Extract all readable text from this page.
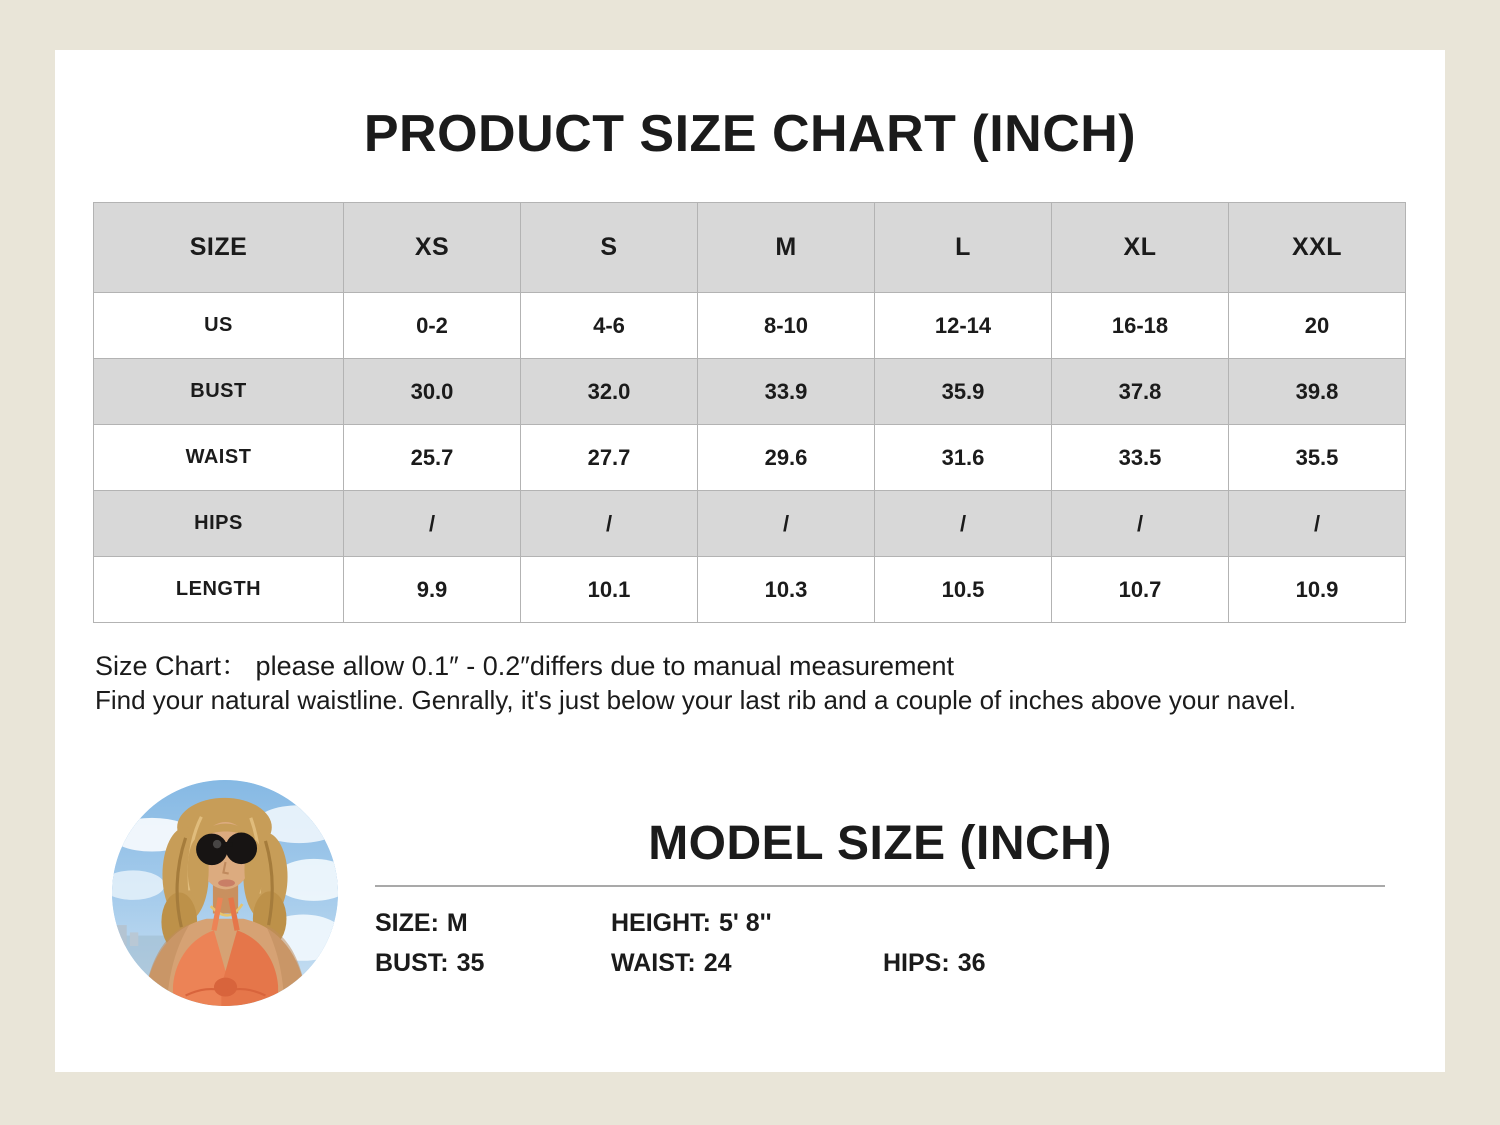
PRODUCT SIZE CHART (INCH)
SIZE	XS	S	M	L	XL	XXL
US	0-2	4-6	8-10	12-14	16-18	20
BUST	30.0	32.0	33.9	35.9	37.8	39.8
WAIST	25.7	27.7	29.6	31.6	33.5	35.5
HIPS	/	/	/	/	/	/
LENGTH	9.9	10.1	10.3	10.5	10.7	10.9

Size Chart： please allow 0.1″ - 0.2″differs due to manual measurement

Find your natural waistline. Genrally, it's just below your last rib and a couple of inches above your navel.

MODEL SIZE (INCH)
SIZE: M	HEIGHT: 5' 8''
BUST: 35	WAIST: 24	HIPS: 36
